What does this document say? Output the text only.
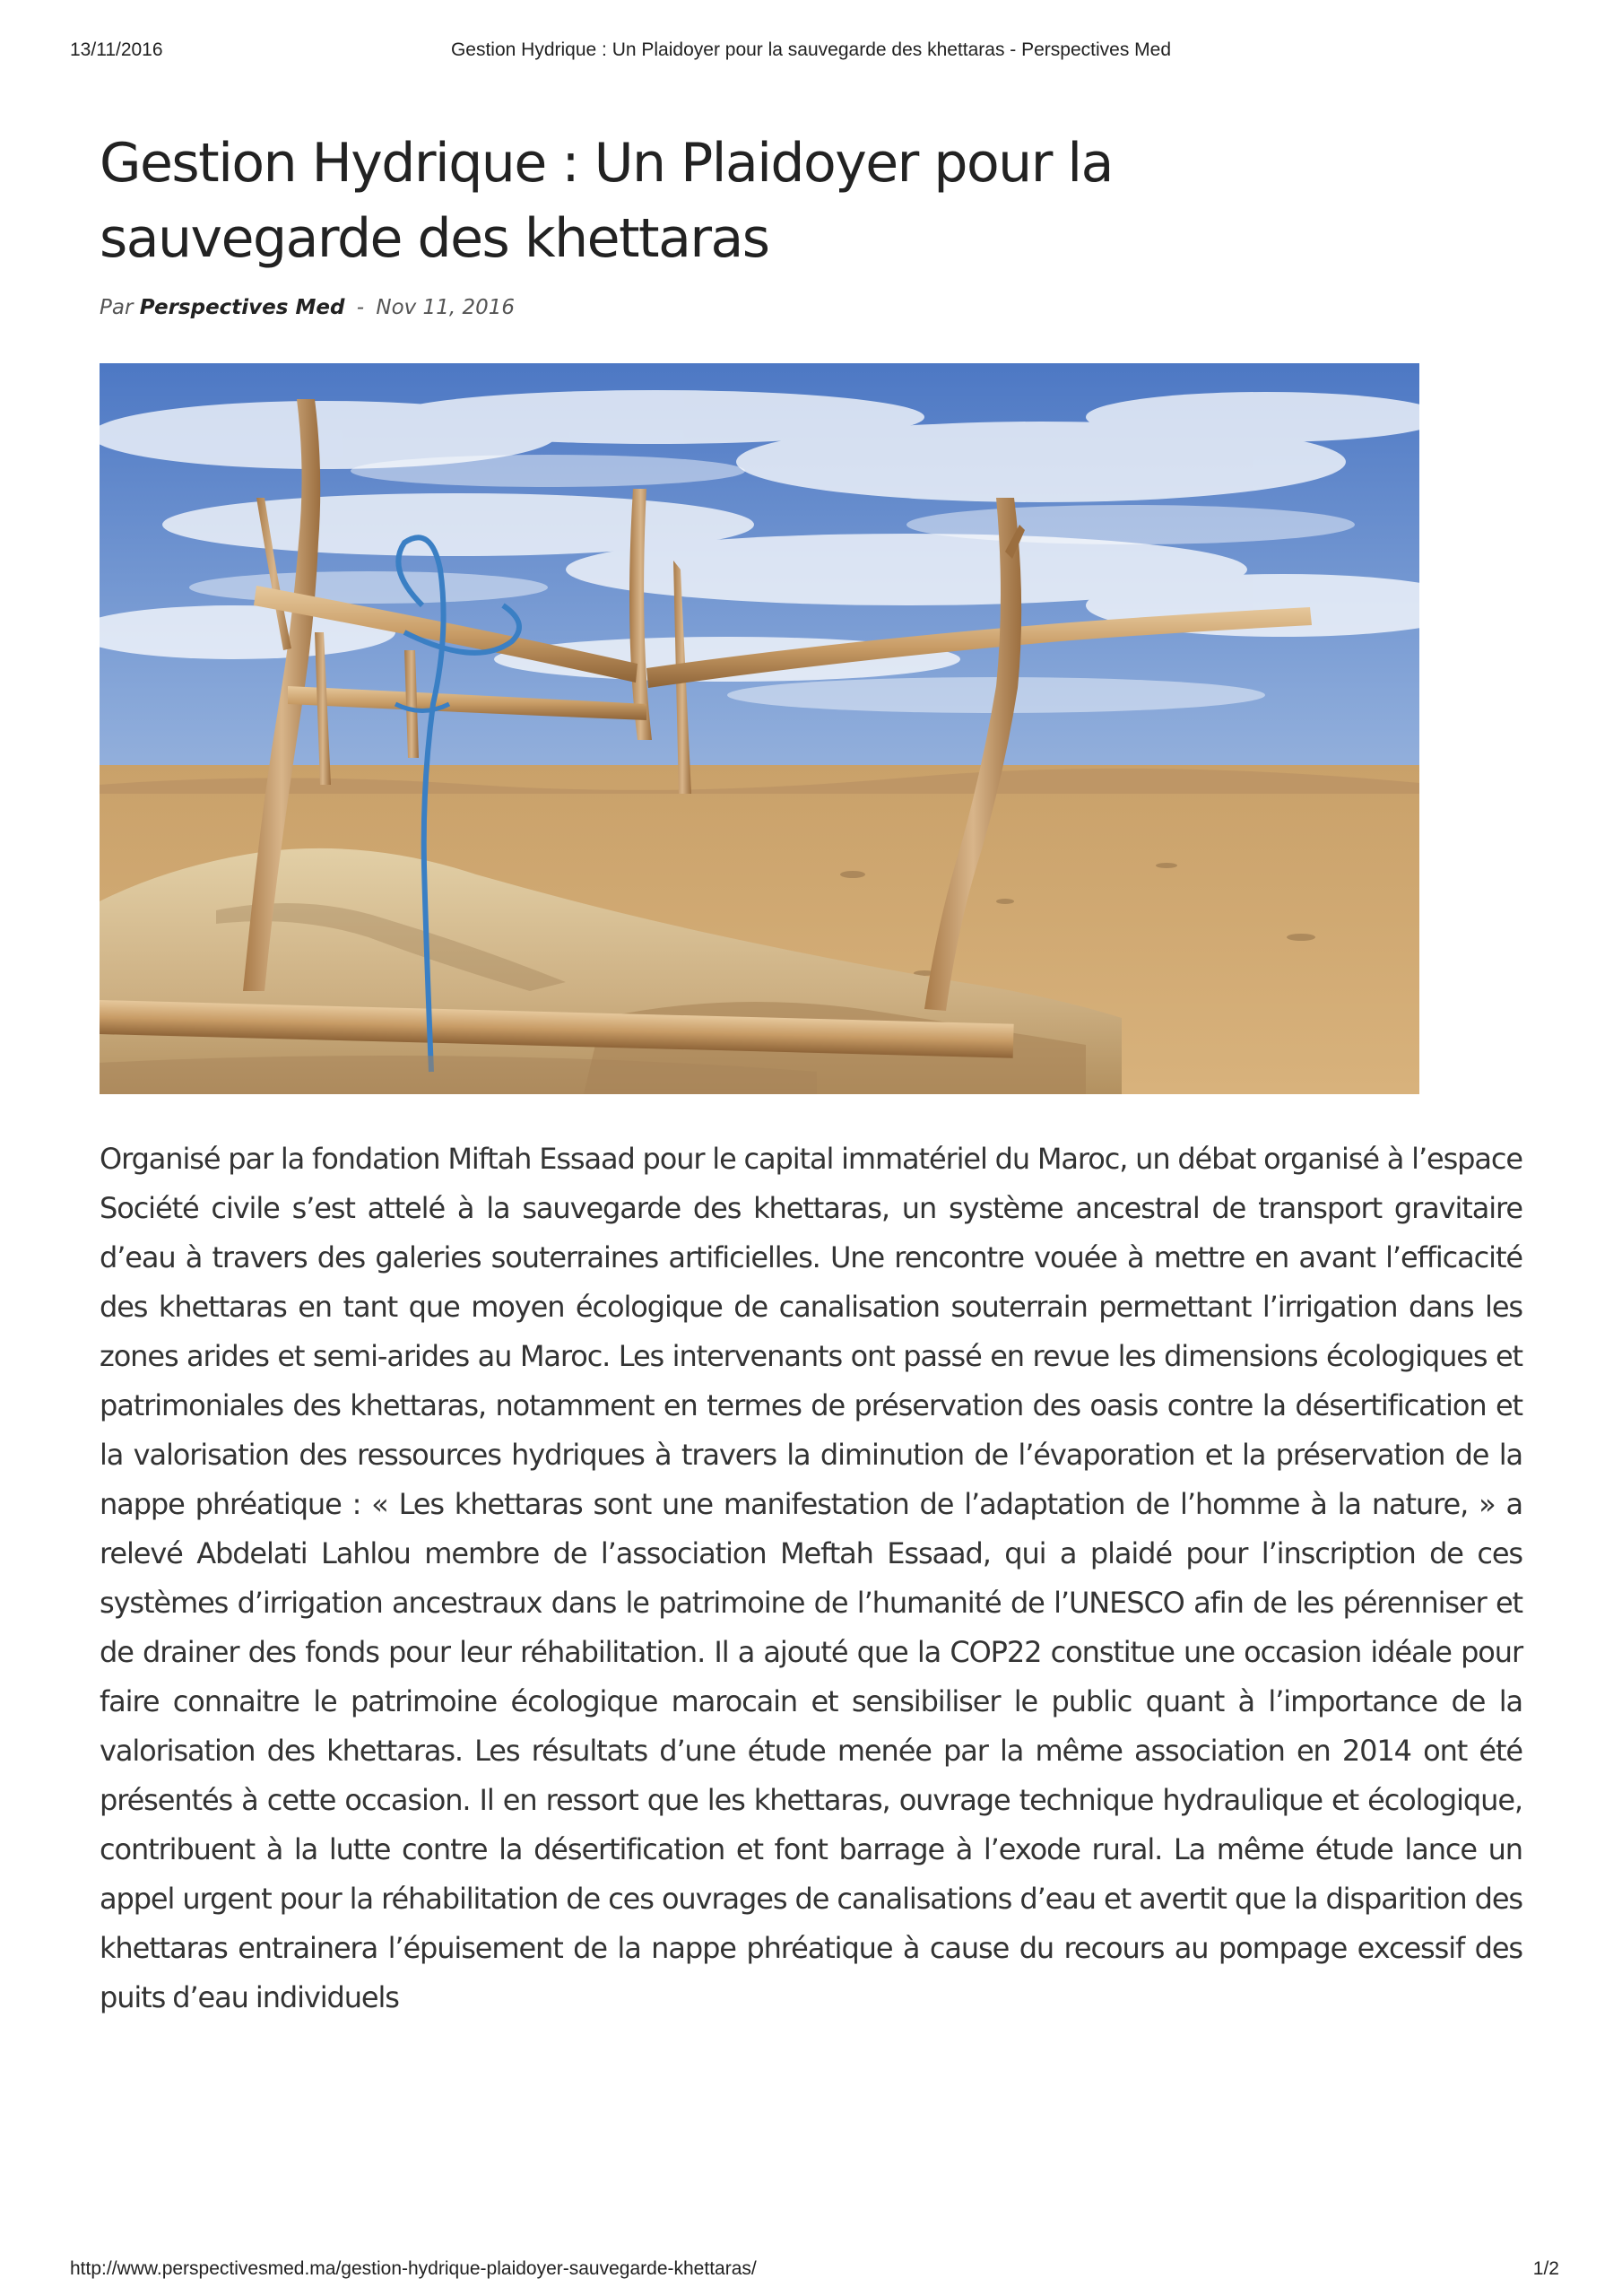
13/11/2016	Gestion Hydrique : Un Plaidoyer pour la sauvegarde des khettaras - Perspectives Med
Gestion Hydrique : Un Plaidoyer pour la sauvegarde des khettaras
Par Perspectives Med - Nov 11, 2016

Organisé par la fondation Miftah Essaad pour le capital immatériel du Maroc, un débat organisé à l’espace Société civile s’est attelé à la sauvegarde des khettaras, un système ancestral de transport gravitaire d’eau à travers des galeries souterraines artificielles. Une rencontre vouée à mettre en avant l’efficacité des khettaras en tant que moyen écologique de canalisation souterrain permettant l’irrigation dans les zones arides et semi-arides au Maroc. Les intervenants ont passé en revue les dimensions écologiques et patrimoniales des khettaras, notamment en termes de préservation des oasis contre la désertification et la valorisation des ressources hydriques à travers la diminution de l’évaporation et la préservation de la nappe phréatique : « Les khettaras sont une manifestation de l’adaptation de l’homme à la nature, » a relevé Abdelati Lahlou membre de l’association Meftah Essaad, qui a plaidé pour l’inscription de ces systèmes d’irrigation ancestraux dans le patrimoine de l’humanité de l’UNESCO afin de les pérenniser et de drainer des fonds pour leur réhabilitation. Il a ajouté que la COP22 constitue une occasion idéale pour faire connaitre le patrimoine écologique marocain et sensibiliser le public quant à l’importance de la valorisation des khettaras. Les résultats d’une étude menée par la même association en 2014 ont été présentés à cette occasion. Il en ressort que les khettaras, ouvrage technique hydraulique et écologique, contribuent à la lutte contre la désertification et font barrage à l’exode rural. La même étude lance un appel urgent pour la réhabilitation de ces ouvrages de canalisations d’eau et avertit que la disparition des khettaras entrainera l’épuisement de la nappe phréatique à cause du recours au pompage excessif des puits d’eau individuels

http://www.perspectivesmed.ma/gestion-hydrique-plaidoyer-sauvegarde-khettaras/	1/2
